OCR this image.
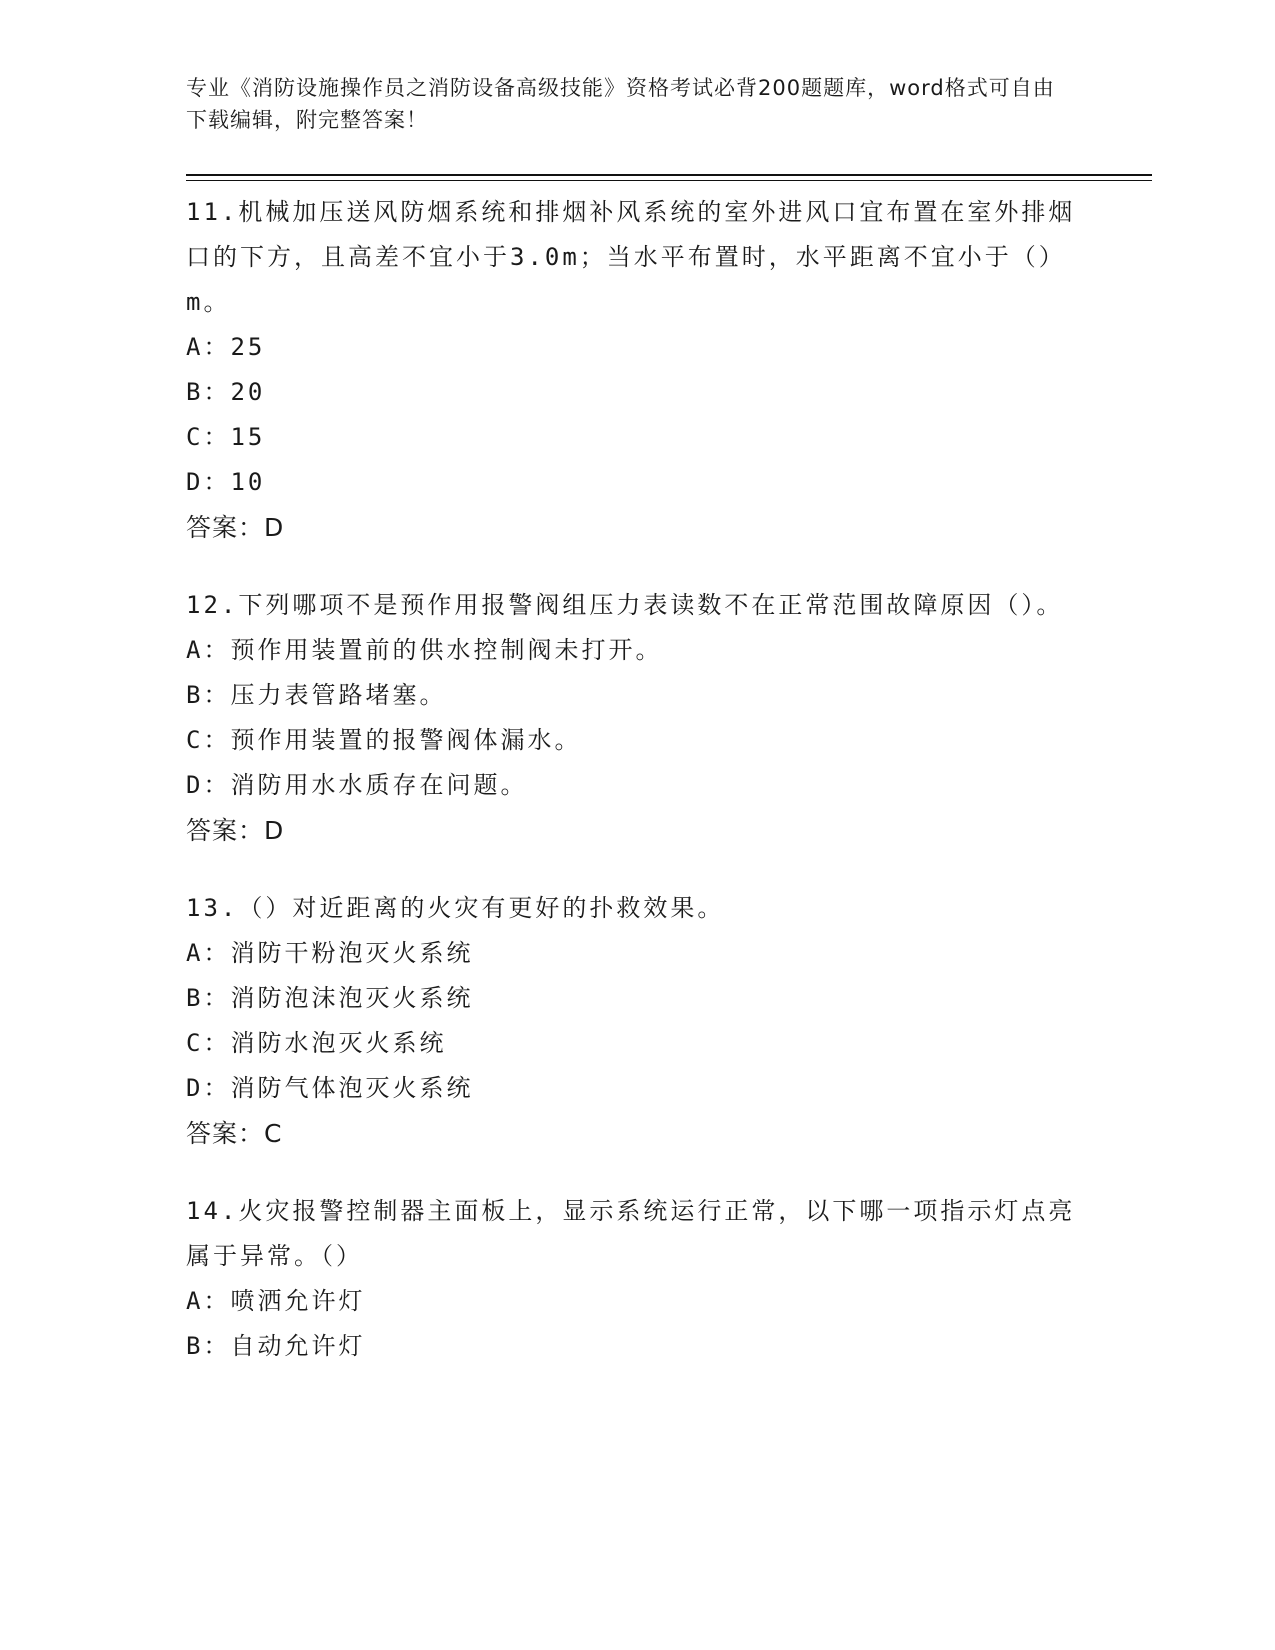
专业《消防设施操作员之消防设备高级技能》资格考试必背200题题库，word格式可自由下载编辑，附完整答案！
11.机械加压送风防烟系统和排烟补风系统的室外进风口宜布置在室外排烟口的下方，且高差不宜小于3.0m；当水平布置时，水平距离不宜小于（）m。
A：25
B：20
C：15
D：10
答案：D
12.下列哪项不是预作用报警阀组压力表读数不在正常范围故障原因（）。
A：预作用装置前的供水控制阀未打开。
B：压力表管路堵塞。
C：预作用装置的报警阀体漏水。
D：消防用水水质存在问题。
答案：D
13.（）对近距离的火灾有更好的扑救效果。
A：消防干粉泡灭火系统
B：消防泡沫泡灭火系统
C：消防水泡灭火系统
D：消防气体泡灭火系统
答案：C
14.火灾报警控制器主面板上，显示系统运行正常，以下哪一项指示灯点亮属于异常。（）
A：喷洒允许灯
B：自动允许灯
